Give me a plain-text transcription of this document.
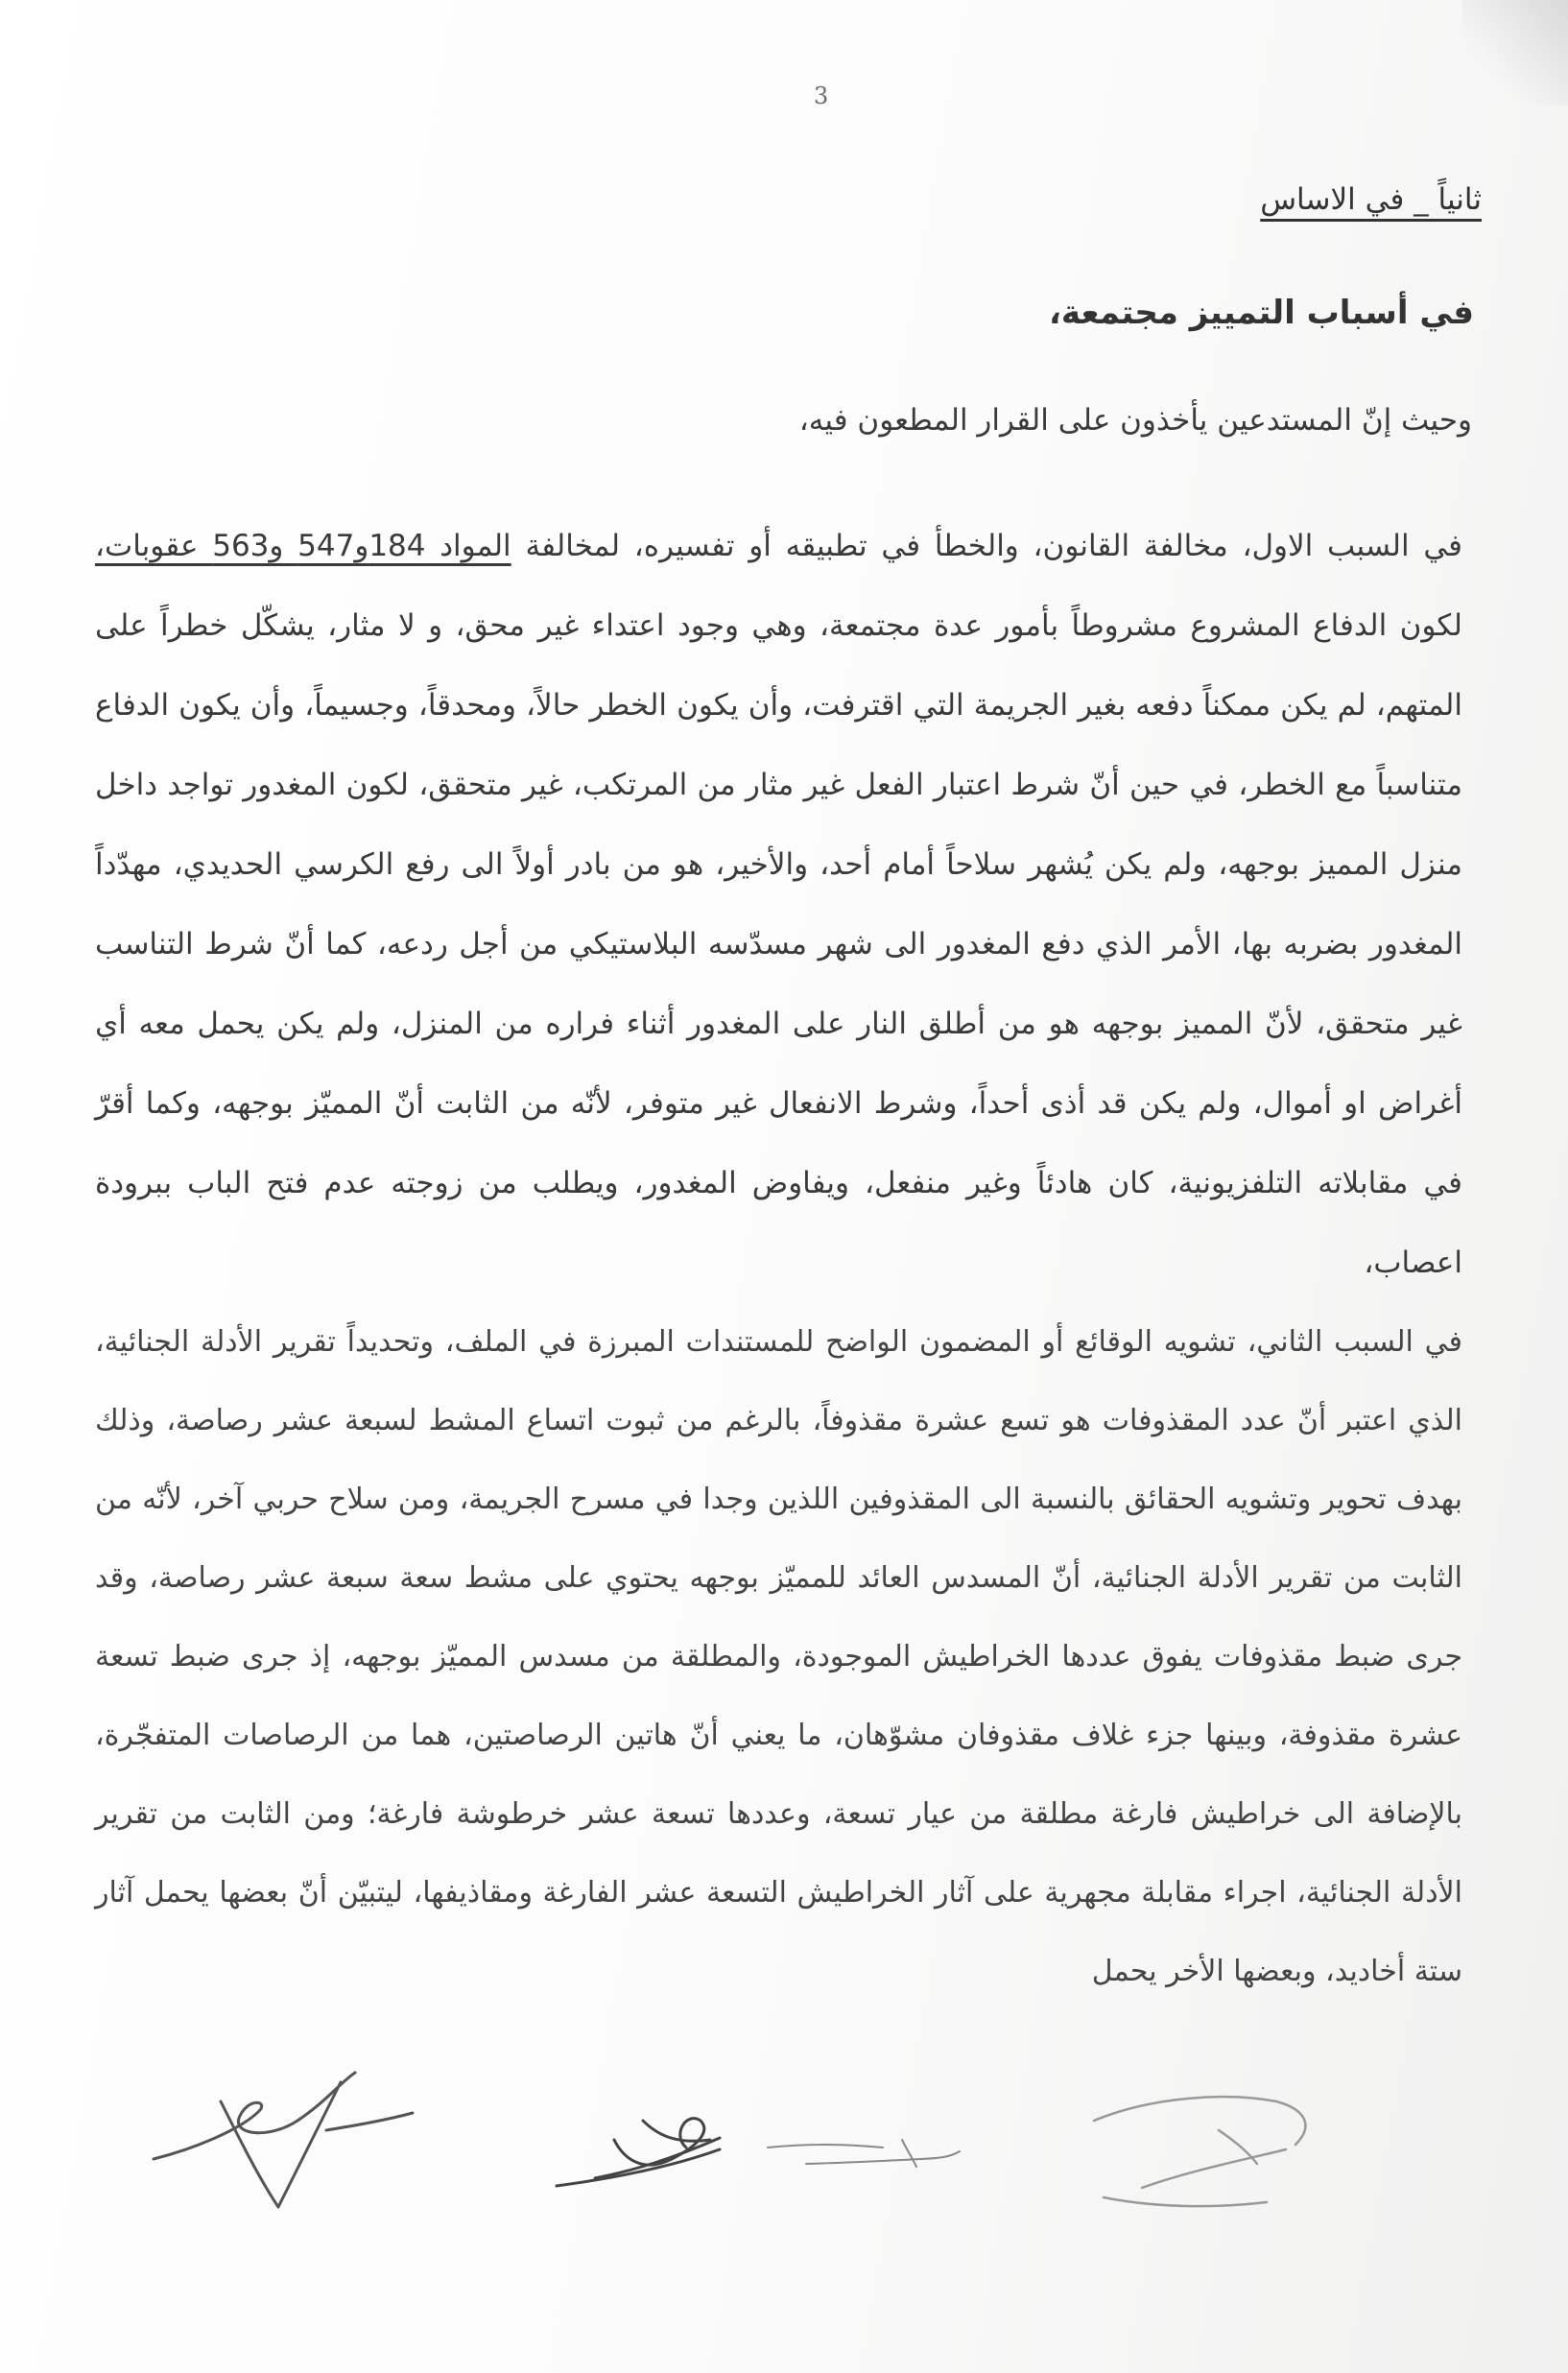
3
ثانياً _ في الاساس
في أسباب التمييز مجتمعة،
وحيث إنّ المستدعين يأخذون على القرار المطعون فيه،

في السبب الاول، مخالفة القانون، والخطأ في تطبيقه أو تفسيره، لمخالفة المواد 184و547 و563 عقوبات، لكون الدفاع المشروع مشروطاً بأمور عدة مجتمعة، وهي وجود اعتداء غير محق، و لا مثار، يشكّل خطراً على المتهم، لم يكن ممكناً دفعه بغير الجريمة التي اقترفت، وأن يكون الخطر حالاً، ومحدقاً، وجسيماً، وأن يكون الدفاع متناسباً مع الخطر، في حين أنّ شرط اعتبار الفعل غير مثار من المرتكب، غير متحقق، لكون المغدور تواجد داخل منزل المميز بوجهه، ولم يكن يُشهر سلاحاً أمام أحد، والأخير، هو من بادر أولاً الى رفع الكرسي الحديدي، مهدّداً المغدور بضربه بها، الأمر الذي دفع المغدور الى شهر مسدّسه البلاستيكي من أجل ردعه، كما أنّ شرط التناسب غير متحقق، لأنّ المميز بوجهه هو من أطلق النار على المغدور أثناء فراره من المنزل، ولم يكن يحمل معه أي أغراض او أموال، ولم يكن قد أذى أحداً، وشرط الانفعال غير متوفر، لأنّه من الثابت أنّ المميّز بوجهه، وكما أقرّ في مقابلاته التلفزيونية، كان هادئاً وغير منفعل، ويفاوض المغدور، ويطلب من زوجته عدم فتح الباب ببرودة اعصاب،

في السبب الثاني، تشويه الوقائع أو المضمون الواضح للمستندات المبرزة في الملف، وتحديداً تقرير الأدلة الجنائية، الذي اعتبر أنّ عدد المقذوفات هو تسع عشرة مقذوفاً، بالرغم من ثبوت اتساع المشط لسبعة عشر رصاصة، وذلك بهدف تحوير وتشويه الحقائق بالنسبة الى المقذوفين اللذين وجدا في مسرح الجريمة، ومن سلاح حربي آخر، لأنّه من الثابت من تقرير الأدلة الجنائية، أنّ المسدس العائد للمميّز بوجهه يحتوي على مشط سعة سبعة عشر رصاصة، وقد جرى ضبط مقذوفات يفوق عددها الخراطيش الموجودة، والمطلقة من مسدس المميّز بوجهه، إذ جرى ضبط تسعة عشرة مقذوفة، وبينها جزء غلاف مقذوفان مشوّهان، ما يعني أنّ هاتين الرصاصتين، هما من الرصاصات المتفجّرة، بالإضافة الى خراطيش فارغة مطلقة من عيار تسعة، وعددها تسعة عشر خرطوشة فارغة؛ ومن الثابت من تقرير الأدلة الجنائية، اجراء مقابلة مجهرية على آثار الخراطيش التسعة عشر الفارغة ومقاذيفها، ليتبيّن أنّ بعضها يحمل آثار ستة أخاديد، وبعضها الأخر يحمل
